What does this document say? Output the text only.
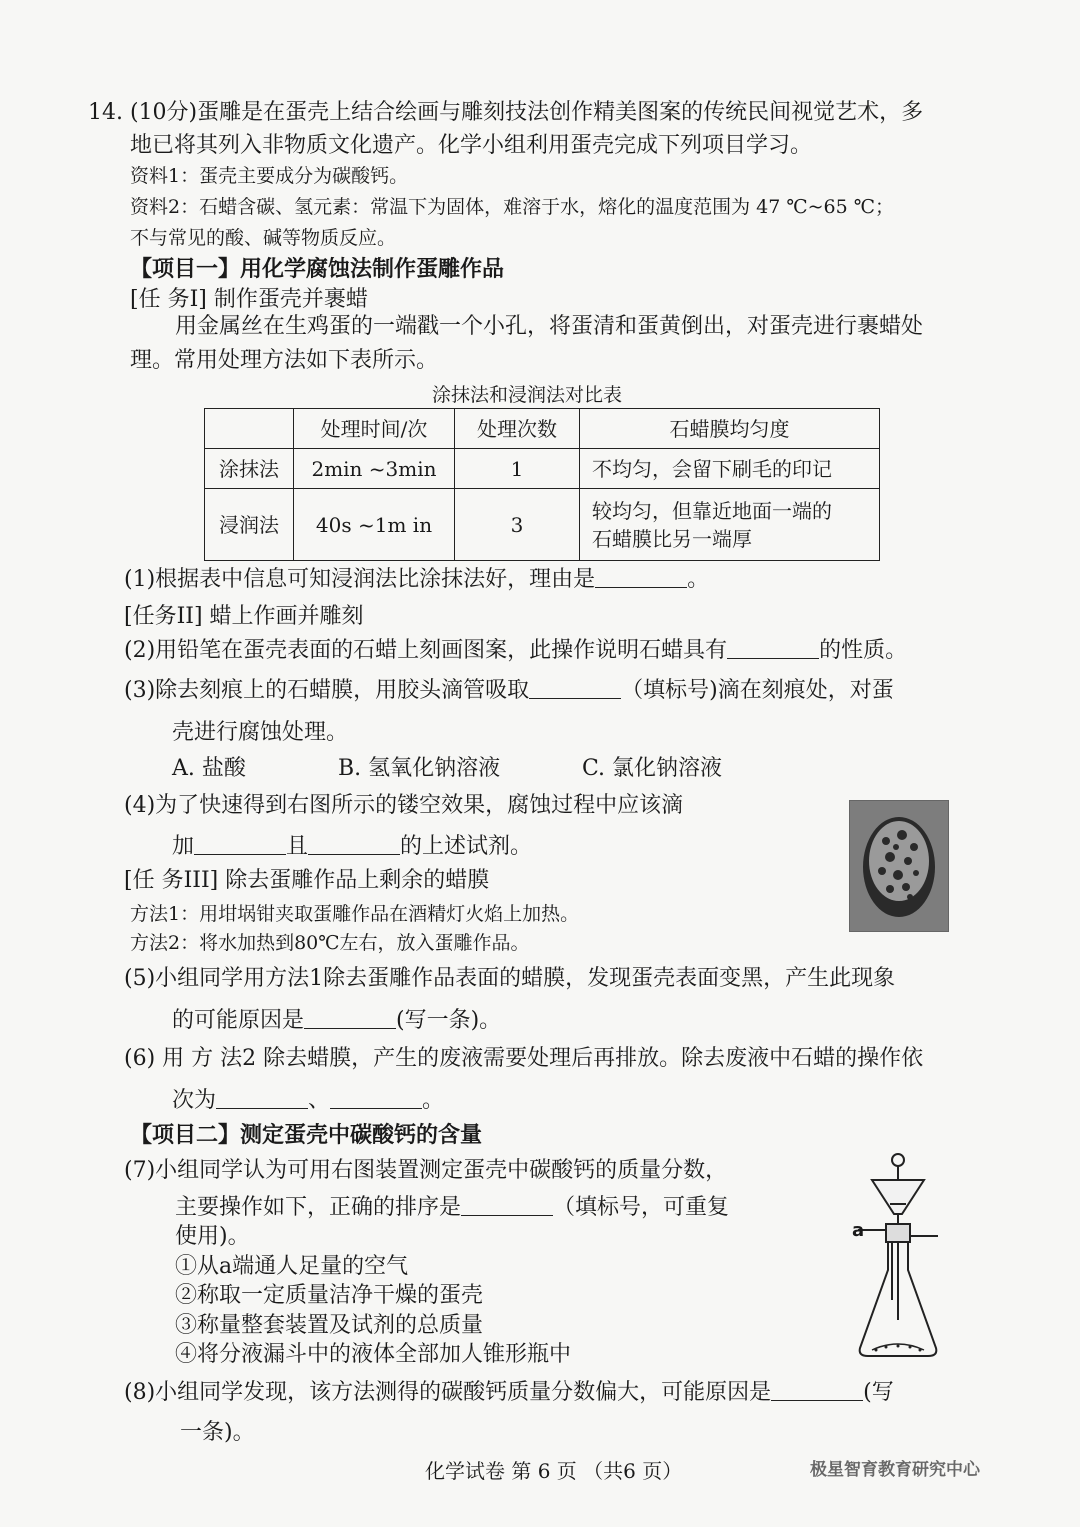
14. (10分)蛋雕是在蛋壳上结合绘画与雕刻技法创作精美图案的传统民间视觉艺术，多
地已将其列入非物质文化遗产。化学小组利用蛋壳完成下列项目学习。
资料1：蛋壳主要成分为碳酸钙。
资料2：石蜡含碳、氢元素：常温下为固体，难溶于水，熔化的温度范围为 47 ℃~65 ℃；
不与常见的酸、碱等物质反应。
【项目一】用化学腐蚀法制作蛋雕作品
[任 务I] 制作蛋壳并裹蜡
用金属丝在生鸡蛋的一端戳一个小孔，将蛋清和蛋黄倒出，对蛋壳进行裹蜡处
理。常用处理方法如下表所示。
涂抹法和浸润法对比表
	处理时间/次	处理次数	石蜡膜均匀度
涂抹法	2min ~3min	1	不均匀，会留下刷毛的印记
浸润法	40s ~1m in	3	较均匀，但靠近地面一端的
石蜡膜比另一端厚
(1)根据表中信息可知浸润法比涂抹法好，理由是	。
[任务II] 蜡上作画并雕刻
(2)用铅笔在蛋壳表面的石蜡上刻画图案，此操作说明石蜡具有	的性质。
(3)除去刻痕上的石蜡膜，用胶头滴管吸取	（填标号)滴在刻痕处，对蛋
壳进行腐蚀处理。
A. 盐酸	B. 氢氧化钠溶液	C. 氯化钠溶液
(4)为了快速得到右图所示的镂空效果，腐蚀过程中应该滴
加	且	的上述试剂。
[任 务III] 除去蛋雕作品上剩余的蜡膜
方法1：用坩埚钳夹取蛋雕作品在酒精灯火焰上加热。
方法2：将水加热到80℃左右，放入蛋雕作品。
(5)小组同学用方法1除去蛋雕作品表面的蜡膜，发现蛋壳表面变黑，产生此现象
的可能原因是	(写一条)。
(6) 用 方 法2 除去蜡膜，产生的废液需要处理后再排放。除去废液中石蜡的操作依
次为	、	。
【项目二】测定蛋壳中碳酸钙的含量
(7)小组同学认为可用右图装置测定蛋壳中碳酸钙的质量分数，
主要操作如下，正确的排序是	（填标号，可重复
使用)。
①从a端通人足量的空气
②称取一定质量洁净干燥的蛋壳
③称量整套装置及试剂的总质量
④将分液漏斗中的液体全部加人锥形瓶中
a
(8)小组同学发现，该方法测得的碳酸钙质量分数偏大，可能原因是	(写
一条)。
化学试卷 第 6 页 （共6 页）	极星智育教育研究中心
